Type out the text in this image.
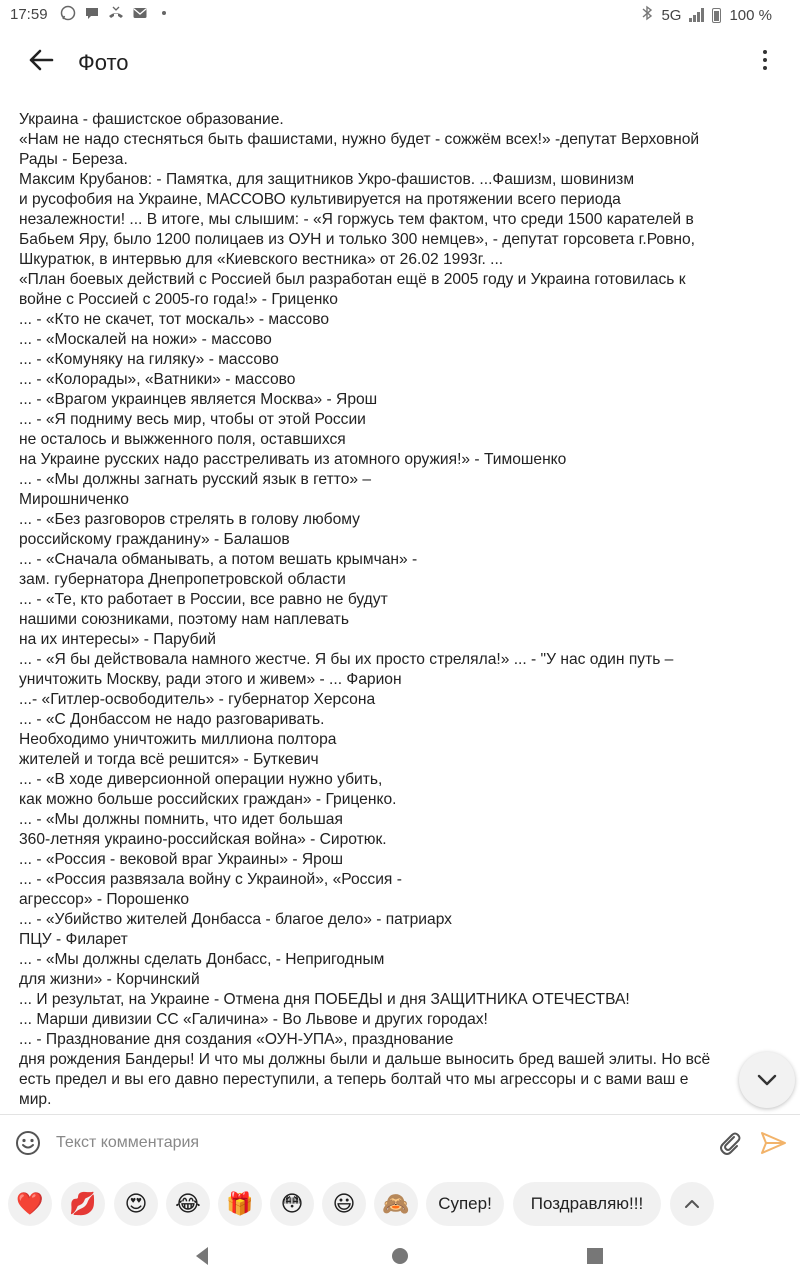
17:59	5G	100 %
Фото
Украина - фашистское образование.
«Нам не надо стесняться быть фашистами, нужно будет - сожжём всех!» -депутат Верховной
Рады - Береза.
Максим Крубанов: - Памятка, для защитников Укро-фашистов. ...Фашизм, шовинизм
и русофобия на Украине, МАССОВО культивируется на протяжении всего периода
незалежности! ... В итоге, мы слышим: - «Я горжусь тем фактом, что среди 1500 карателей в
Бабьем Яру, было 1200 полицаев из ОУН и только 300 немцев», - депутат горсовета г.Ровно,
Шкуратюк, в интервью для «Киевского вестника» от 26.02 1993г. ...
«План боевых действий с Россией был разработан ещё в 2005 году и Украина готовилась к
войне с Россией с 2005-го года!» - Гриценко
... - «Кто не скачет, тот москаль» - массово
... - «Москалей на ножи» - массово
... - «Комуняку на гиляку» - массово
... - «Колорады», «Ватники» - массово
... - «Врагом украинцев является Москва» - Ярош
... - «Я подниму весь мир, чтобы от этой России
не осталось и выжженного поля, оставшихся
на Украине русских надо расстреливать из атомного оружия!» - Тимошенко
... - «Мы должны загнать русский язык в гетто» –
Мирошниченко
... - «Без разговоров стрелять в голову любому
российскому гражданину» - Балашов
... - «Сначала обманывать, а потом вешать крымчан» -
зам. губернатора Днепропетровской области
... - «Те, кто работает в России, все равно не будут
нашими союзниками, поэтому нам наплевать
на их интересы» - Парубий
... - «Я бы действовала намного жестче. Я бы их просто стреляла!» ... - "У нас один путь –
уничтожить Москву, ради этого и живем» - ... Фарион
...- «Гитлер-освободитель» - губернатор Херсона
... - «С Донбассом не надо разговаривать.
Необходимо уничтожить миллиона полтора
жителей и тогда всё решится» - Буткевич
... - «В ходе диверсионной операции нужно убить,
как можно больше российских граждан» - Гриценко.
... - «Мы должны помнить, что идет большая
360-летняя украино-российская война» - Сиротюк.
... - «Россия - вековой враг Украины» - Ярош
... - «Россия развязала войну с Украиной», «Россия -
агрессор» - Порошенко
... - «Убийство жителей Донбасса - благое дело» - патриарх
ПЦУ - Филарет
... - «Мы должны сделать Донбасс, - Непригодным
для жизни» - Корчинский
... И результат, на Украине - Отмена дня ПОБЕДЫ и дня ЗАЩИТНИКА ОТЕЧЕСТВА!
... Марши дивизии СС «Галичина» - Во Львове и других городах!
... - Празднование дня создания «ОУН-УПА», празднование
дня рождения Бандеры! И что мы должны были и дальше выносить бред вашей элиты. Но всё
есть предел и вы его давно переступили, а теперь болтай что мы агрессоры и с вами ваш е
мир.
Текст комментария
❤️	💋	😍	😂	🎁	😳	😃	🙈	Супер!	Поздравляю!!!
